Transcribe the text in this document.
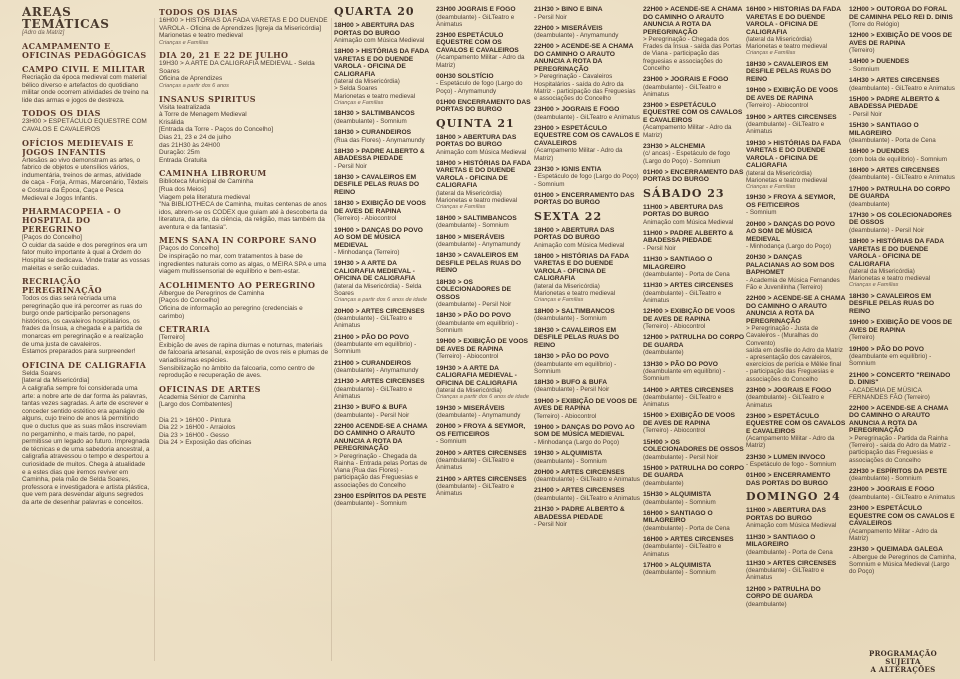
ÁREAS TEMÁTICAS
[Adro da Matriz]
ACAMPAMENTO E OFICINAS PEDAGÓGICAS
CAMPO CIVIL E MILITAR
Recriação da época medieval com material bélico diverso e artefactos do quotidiano militar onde ocorrem atividades de treino na lide das armas e jogos de destreza.
TODOS OS DIAS
23H00 > ESPETÁCULO EQUESTRE COM CAVALOS E CAVALEIROS
OFÍCIOS MEDIEVAIS E JOGOS INFANTIS
Artesãos ao vivo demonstram as artes, o fabrico de objetos e utensílios vários, indumentária, treinos de armas, atividade de caça - Forja, Armas, Marcenário, Têxteis e Costura da Época, Caça e Pesca Medieval e Jogos Infantis.
PHARMACOPEIA - O HOSPITAL DO PEREGRINO
[Paços do Concelho]
O cuidar da saúde e dos peregrinos era um fator muito importante à qual a Ordem do Hospital se dedicava. Vinde tratar as vossas maleitas e serão cuidadas.
RECRIAÇÃO PEREGRINAÇÃO
Todos os dias será recriada uma peregrinação que irá percorrer as ruas do burgo onde participarão personagens históricos, os cavaleiros hospitalários, os frades da Ínsua, a chegada e a partida de monarcas em peregrinação e a realização de uma justa de cavaleiros.
Estamos preparados para surpreender!
OFICINA DE CALIGRAFIA
Selda Soares
[lateral da Misericórdia]
A caligrafia sempre foi considerada uma arte: a nobre arte de dar forma às palavras, tantas vezes sagradas. A arte de escrever e conceder sentido estético era apanágio de alguns, cujo treino de anos lá permitindo que o ductus que as suas mãos inscreviam no pergaminho, e mais tarde, no papel, permitisse um legado ao futuro. Impregnada de técnicas e de uma sabedoria ancestral, a caligrafia atravessou o tempo e despertou a curiosidade de muitos. Chega à atualidade e a estes dias que iremos reviver em Caminha, pela mão de Selda Soares, professora e investigadora e artista plástica, que vem para desvendar alguns segredos da arte de desenhar palavras e conceitos.
TODOS OS DIAS
16H00 > HISTÓRIAS DA FADA VARETAS E DO DUENDE VAROLA - Oficina de Aprendizes [Igreja da Misericórdia]
Marionetas e teatro medieval
Crianças e Famílias
DIA 20, 21 E 22 DE JULHO
19H30 > A ARTE DA CALIGRAFIA MEDIEVAL - Selda Soares
Oficina de Aprendizes
Crianças a partir dos 6 anos
INSANUS SPIRITUS
Visita teatralizada
à Torre de Menagem Medieval
Krisálida
[Entrada da Torre - Paços do Concelho]
Dias 21, 23 e 24 de julho
das 21H30 às 24H00
Duração: 25m
Entrada Gratuita
CAMINHA LIBRORUM
Biblioteca Municipal de Caminha
[Rua dos Meios]
Viagem pela literatura medieval
"Na BIBLIOTHECA de Caminha, muitas centenas de anos idos, abrem-se os CODEX que guiam até à descoberta da literatura, da arte, da ciência, da religião, mas também da aventura e da fantasia".
MENS SANA IN CORPORE SANO
[Paços do Concelho]
De inspiração no mar, com tratamentos à base de ingredientes naturais como as algas, o MEIRA SPA e uma viagem multissensorial de equilíbrio e bem-estar.
ACOLHIMENTO AO PEREGRINO
Albergue de Peregrinos de Caminha
[Paços do Concelho]
Oficina de informação ao peregrino (credenciais e carimbo)
CETRARIA
[Terreiro]
Exibição de aves de rapina diurnas e noturnas, materiais de falcoaria artesanal, exposição de ovos reis e plumas de variadíssimas espécies.
Sensibilização no âmbito da falcoaria, como centro de reprodução e recuperação de aves.
OFICINAS DE ARTES
Academia Sénior de Caminha
[Largo dos Combatentes]

Dia 21 > 16H00 - Pintura
Dia 22 > 16H00 - Arraiolos
Dia 23 > 16H00 - Gesso
Dia 24 > Exposição das oficinas
QUARTA 20
18H00 > ABERTURA DAS PORTAS DO BURGO
Animação com Música Medieval
18H00 > HISTÓRIAS DA FADA VARETAS E DO DUENDE VAROLA - OFICINA DE CALIGRAFIA
(lateral da Misericórdia)
> Selda Soares
Marionetas e teatro medieval
Crianças e Famílias
18H30 > SALTIMBANCOS
(deambulante) - Somnium
18H30 > CURANDEIROS
(Rua das Flores) - Anymamundy
18H30 > PADRE ALBERTO & ABADESSA PIEDADE
- Persil Noir
18H30 > CAVALEIROS EM DESFILE PELAS RUAS DO REINO
18H30 > EXIBIÇÃO DE VOOS DE AVES DE RAPINA
(Terreiro) - Abiocontrol
19H00 > DANÇAS DO POVO AO SOM DE MÚSICA MEDIEVAL
- Minhodança (Terreiro)
19H30 > A ARTE DA CALIGRAFIA MEDIEVAL - OFICINA DE CALIGRAFIA
(lateral da Misericórdia) - Selda Soares
Crianças a partir dos 6 anos de idade
20H00 > ARTES CIRCENSES
(deambulante) - GiLTeatro e Animatus
21H00 > PÃO DO POVO
(deambulante em equilíbrio) - Somnium
21H00 > CURANDEIROS
(deambulante) - Anymamundy
21H30 > ARTES CIRCENSES
(deambulante) - GiLTeatro e Animatus
21H30 > BUFO & BUFA
(deambulante) - Persil Noir
22H00 ACENDE-SE A CHAMA DO CAMINHO O ARAUTO ANUNCIA A ROTA DA PEREGRINAÇÃO
> Peregrinação - Chegada da Rainha - Entrada pelas Portas de Viana (Rua das Flores) - participação das Freguesias e associações do Concelho
23H00 ESPÍRITOS DA PESTE
(deambulante) - Somnium
23H00 JOGRAIS E FOGO
(deambulante) - GiLTeatro e Animatus
23H00 ESPETÁCULO EQUESTRE COM OS CAVALOS E CAVALEIROS
(Acampamento Militar - Adro da Matriz)
00H30 SOLSTÍCIO
- Espetáculo de fogo (Largo do Poço) - Anymamundy
01H00 ENCERRAMENTO DAS PORTAS DO BURGO
QUINTA 21
18H00 > ABERTURA DAS PORTAS DO BURGO
Animação com Música Medieval
18H00 > HISTÓRIAS DA FADA VARETAS E DO DUENDE VAROLA - OFICINA DE CALIGRAFIA
(lateral da Misericórdia)
Marionetas e teatro medieval
Crianças e Famílias
18H00 > SALTIMBANCOS
(deambulante) - Somnium
18H00 > MISERÁVEIS
(deambulante) - Anymamundy
18H30 > CAVALEIROS EM DESFILE PELAS RUAS DO REINO
18H30 > OS COLECIONADORES DE OSSOS
(deambulante) - Persil Noir
18H30 > PÃO DO POVO
(deambulante em equilíbrio) - Somnium
19H00 > EXIBIÇÃO DE VOOS DE AVES DE RAPINA
(Terreiro) - Abiocontrol
19H30 > A ARTE DA CALIGRAFIA MEDIEVAL - OFICINA DE CALIGRAFIA
(lateral da Misericórdia)
Crianças a partir dos 6 anos de idade
19H30 > MISERÁVEIS
(deambulante) - Anymamundy
20H00 > FROYA & SEYMOR, OS FEITICEIROS
- Somnium
20H00 > ARTES CIRCENSES
(deambulante) - GiLTeatro e Animatus
21H00 > ARTES CIRCENSES
(deambulante) - GiLTeatro e Animatus
21H30 > BINO E BINA
- Persil Noir
22H00 > MISERÁVEIS
(deambulante) - Anymamundy
22H00 > ACENDE-SE A CHAMA DO CAMINHO O ARAUTO ANUNCIA A ROTA DA PEREGRINAÇÃO
> Peregrinação - Cavaleiros Hospitalários - saída do Adro da Matriz - participação das Freguesias e associações do Concelho
23H00 > JOGRAIS E FOGO
(deambulante) - GiLTeatro e Animatus
23H00 > ESPETÁCULO EQUESTRE COM OS CAVALOS E CAVALEIROS
(Acampamento Militar - Adro da Matriz)
23H30 > IGNIS ENTIA
- Espetáculo de fogo (Largo do Poço) - Somnium
01H00 > ENCERRAMENTO DAS PORTAS DO BURGO
SEXTA 22
18H00 > ABERTURA DAS PORTAS DO BURGO
Animação com Música Medieval
18H00 > HISTÓRIAS DA FADA VARETAS E DO DUENDE VAROLA - OFICINA DE CALIGRAFIA
(lateral da Misericórdia)
Marionetas e teatro medieval
Crianças e Famílias
18H00 > SALTIMBANCOS
(deambulante) - Somnium
18H30 > CAVALEIROS EM DESFILE PELAS RUAS DO REINO
18H30 > PÃO DO POVO
(deambulante em equilíbrio) - Somnium
18H30 > BUFO & BUFA
(deambulante) - Persil Noir
19H00 > EXIBIÇÃO DE VOOS DE AVES DE RAPINA
(Terreiro) - Abiocontrol
19H00 > DANÇAS DO POVO AO SOM DE MÚSICA MEDIEVAL
- Minhodança (Largo do Poço)
19H30 > ALQUIMISTA
(deambulante) - Somnium
20H00 > ARTES CIRCENSES
(deambulante) - GiLTeatro e Animatus
21H00 > ARTES CIRCENSES
(deambulante) - GiLTeatro e Animatus
21H30 > PADRE ALBERTO & ABADESSA PIEDADE
- Persil Noir
22H00 > ACENDE-SE A CHAMA DO CAMINHO O ARAUTO ANUNCIA A ROTA DA PEREGRINAÇÃO
> Peregrinação - Chegada dos Frades da Ínsua - saída das Portas de Viana - participação das freguesias e associações do Concelho
23H00 > JOGRAIS E FOGO
(deambulante) - GiLTeatro e Animatus
23H00 > ESPETÁCULO EQUESTRE COM OS CAVALOS E CAVALEIROS
(Acampamento Militar - Adro da Matriz)
23H30 > ALCHEMIA
(c/ ancas) - Espetáculo de fogo (Largo do Poço) - Somnium
01H00 > ENCERRAMENTO DAS PORTAS DO BURGO
SÁBADO 23
11H00 > ABERTURA DAS PORTAS DO BURGO
Animação com Música Medieval
11H00 > PADRE ALBERTO & ABADESSA PIEDADE
- Persil Noir
11H30 > SANTIAGO O MILAGREIRO
(deambulante) - Porta de Cena
11H30 > ARTES CIRCENSES
(deambulante) - GiLTeatro e Animatus
12H00 > EXIBIÇÃO DE VOOS DE AVES DE RAPINA
(Terreiro) - Abiocontrol
12H00 > PATRULHA DO CORPO DE GUARDA
(deambulante)
13H30 > PÃO DO POVO
(deambulante em equilíbrio) - Somnium
14H00 > ARTES CIRCENSES
(deambulante) - GiLTeatro e Animatus
15H00 > EXIBIÇÃO DE VOOS DE AVES DE RAPINA
(Terreiro) - Abiocontrol
15H00 > OS COLECIONADORES DE OSSOS
(deambulante) - Persil Noir
15H00 > PATRULHA DO CORPO DE GUARDA
(deambulante)
15H30 > ALQUIMISTA
(deambulante) - Somnium
16H00 > SANTIAGO O MILAGREIRO
(deambulante) - Porta de Cena
16H00 > ARTES CIRCENSES
(deambulante) - GiLTeatro e Animatus
17H00 > ALQUIMISTA
(deambulante) - Somnium
16H00 > HISTÓRIAS DA FADA VARETAS E DO DUENDE VAROLA - OFICINA DE CALIGRAFIA
(lateral da Misericórdia)
Marionetas e teatro medieval
Crianças e Famílias
18H30 > CAVALEIROS EM DESFILE PELAS RUAS DO REINO
19H00 > EXIBIÇÃO DE VOOS DE AVES DE RAPINA
(Terreiro) - Abiocontrol
19H00 > ARTES CIRCENSES
(deambulante) - GiLTeatro e Animatus
19H30 > HISTÓRIAS DA FADA VARETAS E DO DUENDE VAROLA - OFICINA DE CALIGRAFIA
(lateral da Misericórdia)
Marionetas e teatro medieval
Crianças e Famílias
19H30 > FROYA & SEYMOR, OS FEITICEIROS
- Somnium
20H00 > DANÇAS DO POVO AO SOM DE MÚSICA MEDIEVAL
- Minhodança (Largo do Poço)
20H30 > DANÇAS PALACIANAS AO SOM DOS BAPHOMET
- Academia de Música Fernandes Fão e Juvenilinha (Terreiro)
22H00 > ACENDE-SE A CHAMA DO CAMINHO O ARAUTO ANUNCIA A ROTA DA PEREGRINAÇÃO
> Peregrinação - Justa de Cavaleiros - (Muralhas do Convento)
saída em desfile do Adro da Matriz - apresentação dos cavaleiros, exercícios de perícia e Mêlée final
- participação das Freguesias e associações do Concelho
23H00 > JOGRAIS E FOGO
(deambulante) - GiLTeatro e Animatus
23H00 > ESPETÁCULO EQUESTRE COM OS CAVALOS E CAVALEIROS
(Acampamento Militar - Adro da Matriz)
23H30 > LUMEN INVOCO
- Espetáculo de fogo - Somnium
01H00 > ENCERRAMENTO DAS PORTAS DO BURGO
DOMINGO 24
11H00 > ABERTURA DAS PORTAS DO BURGO
Animação com Música Medieval
11H30 > SANTIAGO O MILAGREIRO
(deambulante) - Porta de Cena
11H30 > ARTES CIRCENSES
(deambulante) - GiLTeatro e Animatus
12H00 > PATRULHA DO CORPO DE GUARDA
(deambulante)
12H00 > OUTORGA DO FORAL DE CAMINHA PELO REI D. DINIS
(Torre do Relógio)
12H00 > EXIBIÇÃO DE VOOS DE AVES DE RAPINA
(Terreiro)
14H00 > DUENDES
- Somnium
14H30 > ARTES CIRCENSES
(deambulante) - GiLTeatro e Animatus
15H00 > PADRE ALBERTO & ABADESSA PIEDADE
- Persil Noir
15H30 > SANTIAGO O MILAGREIRO
(deambulante) - Porta de Cena
16H00 > DUENDES
(com bola de equilíbrio) - Somnium
16H00 > ARTES CIRCENSES
(deambulante) - GiLTeatro e Animatus
17H00 > PATRULHA DO CORPO DE GUARDA
(deambulante)
17H30 > OS COLECIONADORES DE OSSOS
(deambulante) - Persil Noir
18H00 > HISTÓRIAS DA FADA VARETAS E DO DUENDE VAROLA - OFICINA DE CALIGRAFIA
(lateral da Misericórdia)
Marionetas e teatro medieval
Crianças e Famílias
18H30 > CAVALEIROS EM DESFILE PELAS RUAS DO REINO
19H00 > EXIBIÇÃO DE VOOS DE AVES DE RAPINA
(Terreiro)
19H00 > PÃO DO POVO
(deambulante em equilíbrio) - Somnium
21H00 > CONCERTO "REINADO D. DINIS"
- ACADEMIA DE MÚSICA FERNANDES FÃO (Terreiro)
22H00 > ACENDE-SE A CHAMA DO CAMINHO O ARAUTO ANUNCIA A ROTA DA PEREGRINAÇÃO
> Peregrinação - Partida da Rainha (Terreiro) - saída do Adro da Matriz - participação das Freguesias e associações do Concelho
22H30 > ESPÍRITOS DA PESTE
(deambulante) - Somnium
23H00 > JOGRAIS E FOGO
(deambulante) - GiLTeatro e Animatus
23H00 > ESPETÁCULO EQUESTRE COM OS CAVALOS E CAVALEIROS
(Acampamento Militar - Adro da Matriz)
23H30 > QUEIMADA GALEGA
- Albergue de Peregrinos de Caminha, Somnium e Música Medieval (Largo do Poço)
PROGRAMAÇÃO SUJEITA
A ALTERAÇÕES
